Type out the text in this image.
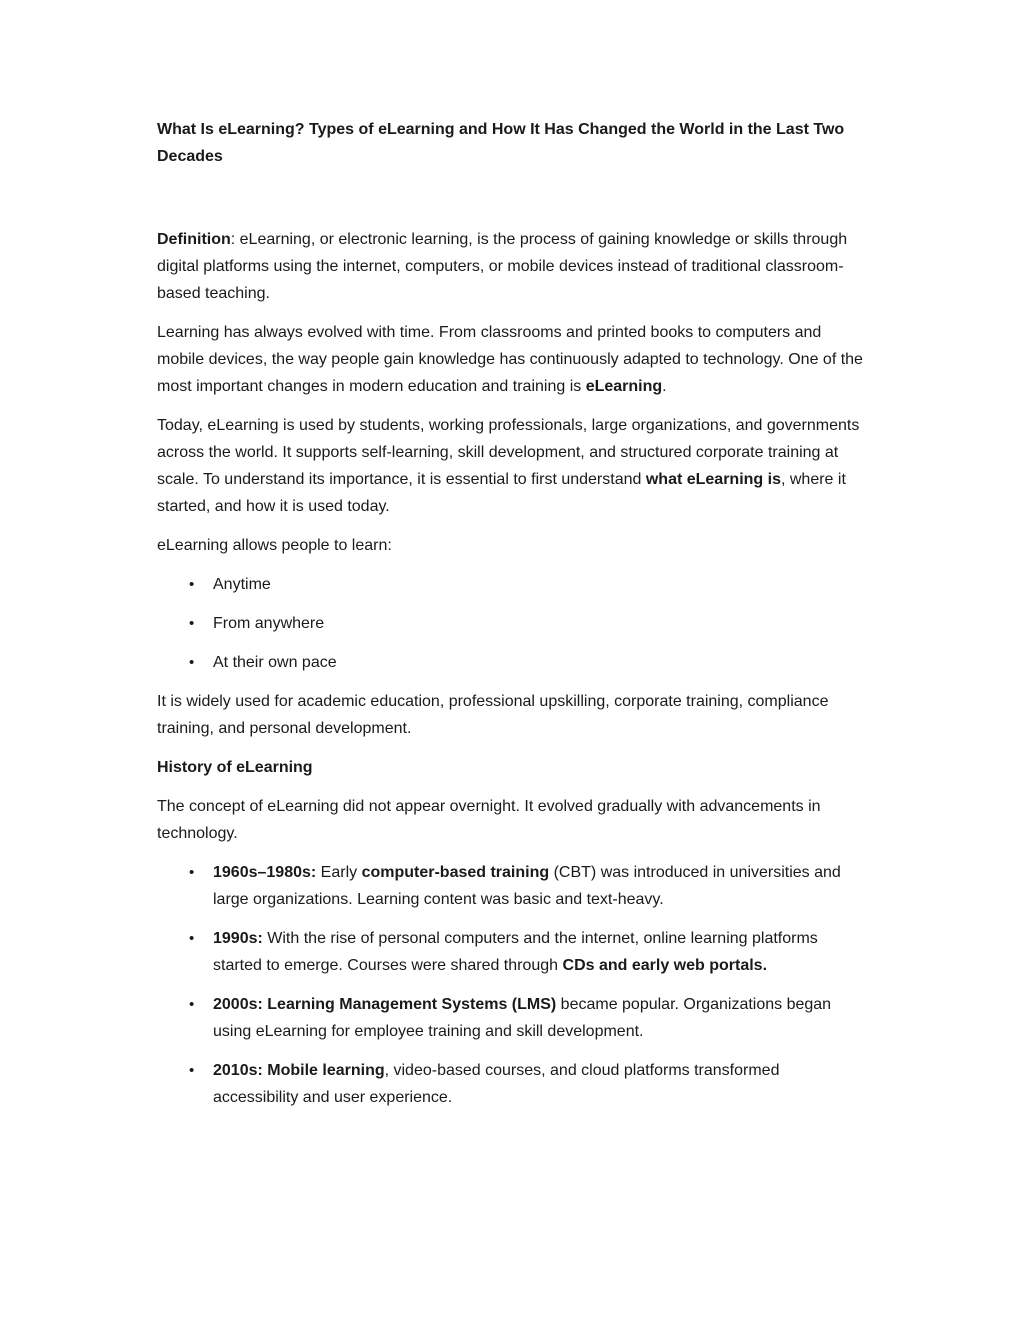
What Is eLearning? Types of eLearning and How It Has Changed the World in the Last Two Decades

Definition: eLearning, or electronic learning, is the process of gaining knowledge or skills through digital platforms using the internet, computers, or mobile devices instead of traditional classroom-based teaching.

Learning has always evolved with time. From classrooms and printed books to computers and mobile devices, the way people gain knowledge has continuously adapted to technology. One of the most important changes in modern education and training is eLearning.

Today, eLearning is used by students, working professionals, large organizations, and governments across the world. It supports self-learning, skill development, and structured corporate training at scale. To understand its importance, it is essential to first understand what eLearning is, where it started, and how it is used today.

eLearning allows people to learn:

• Anytime
• From anywhere
• At their own pace

It is widely used for academic education, professional upskilling, corporate training, compliance training, and personal development.

History of eLearning

The concept of eLearning did not appear overnight. It evolved gradually with advancements in technology.

• 1960s–1980s: Early computer-based training (CBT) was introduced in universities and large organizations. Learning content was basic and text-heavy.
• 1990s: With the rise of personal computers and the internet, online learning platforms started to emerge. Courses were shared through CDs and early web portals.
• 2000s: Learning Management Systems (LMS) became popular. Organizations began using eLearning for employee training and skill development.
• 2010s: Mobile learning, video-based courses, and cloud platforms transformed accessibility and user experience.
